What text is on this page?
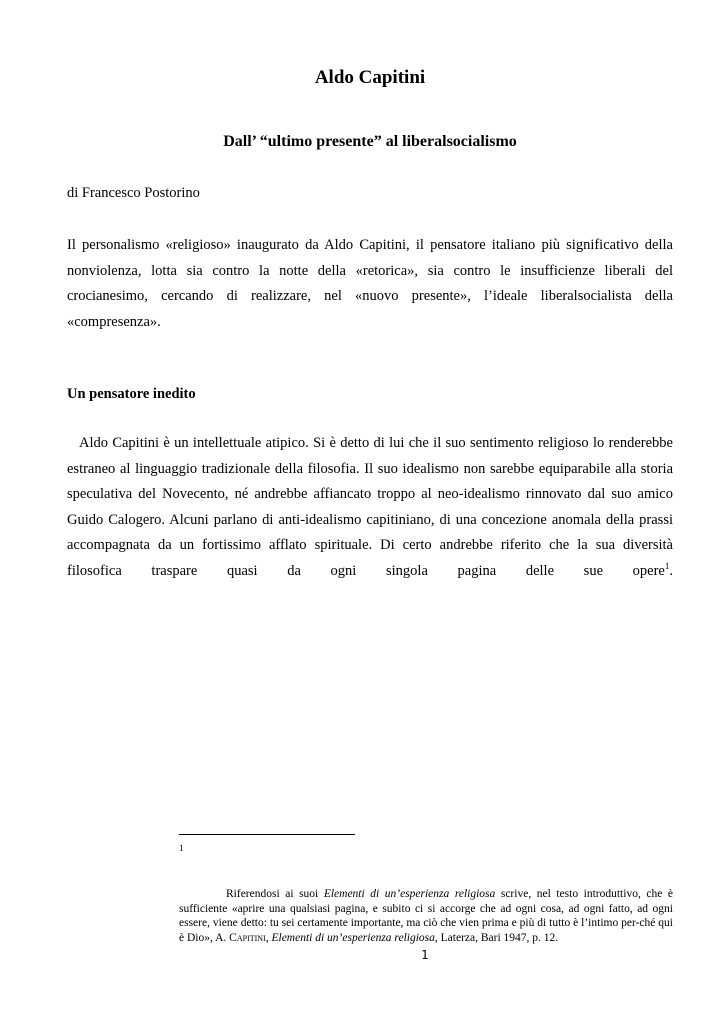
Aldo Capitini
Dall’ “ultimo presente” al liberalsocialismo
di Francesco Postorino
Il personalismo «religioso» inaugurato da Aldo Capitini, il pensatore italiano più significativo della nonviolenza, lotta sia contro la notte della «retorica», sia contro le insufficienze liberali del crocianesimo, cercando di realizzare, nel «nuovo presente», l’ideale liberalsocialista della «compresenza».
Un pensatore inedito
Aldo Capitini è un intellettuale atipico. Si è detto di lui che il suo sentimento religioso lo renderebbe estraneo al linguaggio tradizionale della filosofia. Il suo idealismo non sarebbe equiparabile alla storia speculativa del Novecento, né andrebbe affiancato troppo al neo-idealismo rinnovato dal suo amico Guido Calogero. Alcuni parlano di anti-idealismo capitiniano, di una concezione anomala della prassi accompagnata da un fortissimo afflato spirituale. Di certo andrebbe riferito che la sua diversità filosofica traspare quasi da ogni singola pagina delle sue opere$^1$.
1
Riferendosi ai suoi Elementi di un’esperienza religiosa scrive, nel testo introduttivo, che è sufficiente «aprire una qualsiasi pagina, e subito ci si accorge che ad ogni cosa, ad ogni fatto, ad ogni essere, viene detto: tu sei certamente importante, ma ciò che vien prima e più di tutto è l’intimo per-ché qui è Dio», A. Capitini, Elementi di un’esperienza religiosa, Laterza, Bari 1947, p. 12.
1
